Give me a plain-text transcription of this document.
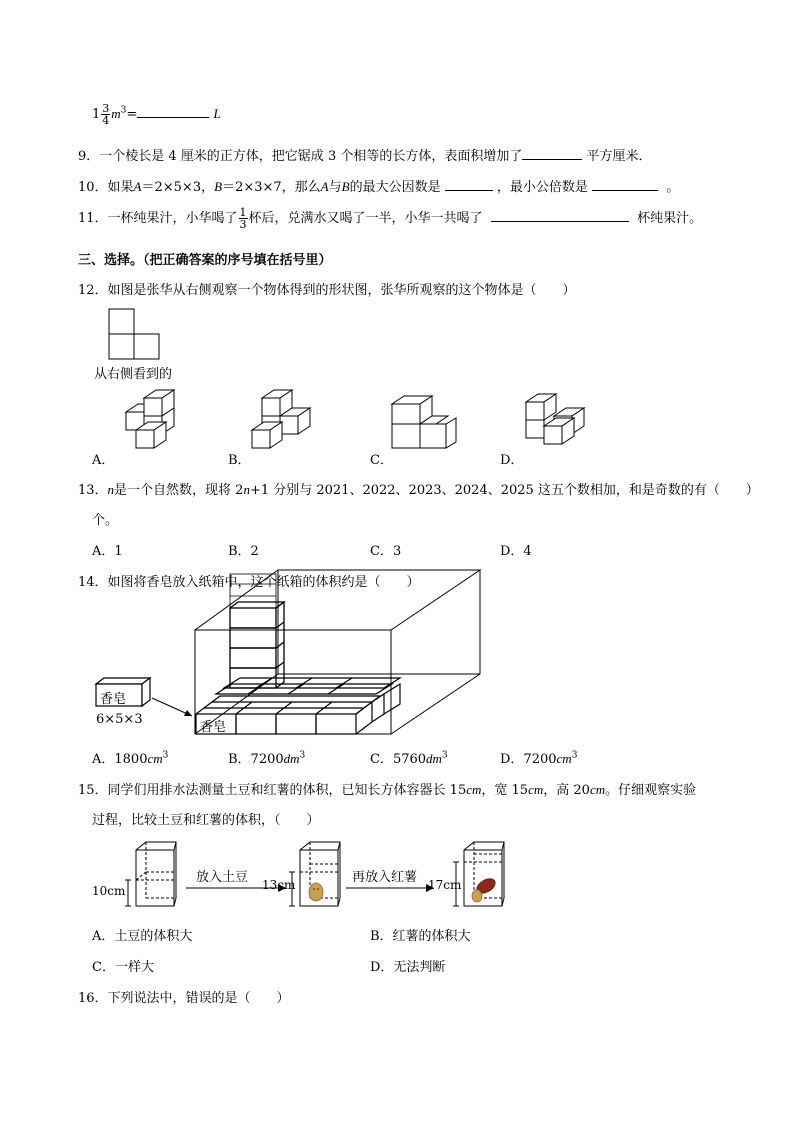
$1 \frac{3}{4} m^3=$	L
9．一个棱长是 4 厘米的正方体，把它锯成 3 个相等的长方体，表面积增加了	平方厘米．
10．如果A＝2×5×3，B＝2×3×7，那么A与B的最大公因数是	，最小公倍数是	。
11．一杯纯果汁，小华喝了 $\frac{1}{3}$ 杯后，兑满水又喝了一半，小华一共喝了	杯纯果汁。
三、选择。（把正确答案的序号填在括号里）
12．如图是张华从右侧观察一个物体得到的形状图，张华所观察的这个物体是（　　）
从右侧看到的
A．	B．	C．	D．
13．n是一个自然数，现将 2n+1 分别与 2021、2022、2023、2024、2025 这五个数相加，和是奇数的有（　　）
个。
A．1	B．2	C．3	D．4
14．如图将香皂放入纸箱中，这个纸箱的体积约是（　　）
香皂
6×5×3
香皂
A．$1800cm^3$	B．$7200dm^3$	C．$5760dm^3$	D．$7200cm^3$
15．同学们用排水法测量土豆和红薯的体积，已知长方体容器长 15cm，宽 15cm，高 20cm。仔细观察实验
过程，比较土豆和红薯的体积，（　　）
10cm
放入土豆 13cm	再放入红薯 17cm
A．土豆的体积大	B．红薯的体积大
C．一样大	D．无法判断
16．下列说法中，错误的是（　　）
